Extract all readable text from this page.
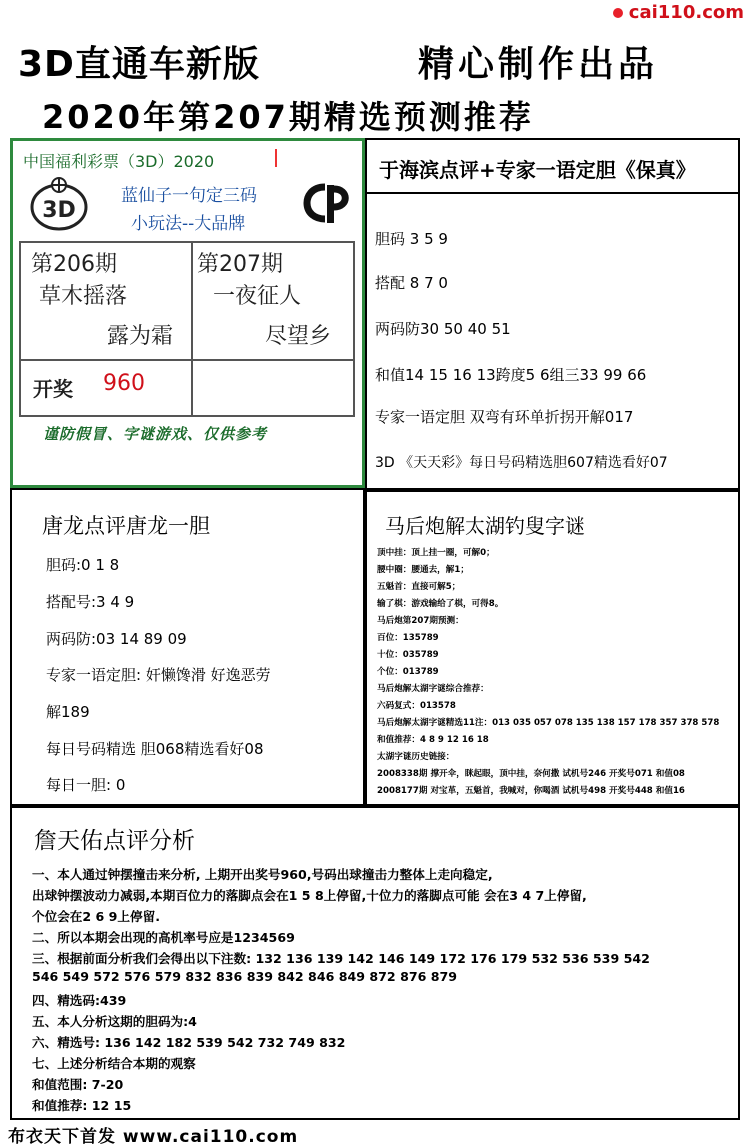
cai110.com
3D直通车新版	精心制作出品
2020年第207期精选预测推荐
中国福利彩票（3D）2020
3D
蓝仙子一句定三码
小玩法--大品牌
第206期
草木摇落
露为霜
第207期
一夜征人
尽望乡
开奖 960
谨防假冒、字谜游戏、仅供参考
于海滨点评+专家一语定胆《保真》
胆码 3 5 9
搭配 8 7 0
两码防30 50 40 51
和值14 15 16 13跨度5 6组三33 99 66
专家一语定胆 双弯有环单折拐开解017
3D 《天天彩》每日号码精选胆607精选看好07
唐龙点评唐龙一胆
胆码:0 1 8
搭配号:3 4 9
两码防:03 14 89 09
专家一语定胆: 奸懒馋滑 好逸恶劳
解189
每日号码精选 胆068精选看好08
每日一胆: 0
马后炮解太湖钓叟字谜
顶中挂：顶上挂一圈，可解0；
腰中圈：腰通去，解1；
五魁首：直接可解5；
输了棋：游戏输给了棋，可得8。
马后炮第207期预测：
百位：135789
十位：035789
个位：013789
马后炮解太湖字谜综合推荐：
六码复式：013578
马后炮解太湖字谜精选11注：013 035 057 078 135 138 157 178 357 378 578
和值推荐：4 8 9 12 16 18
太湖字谜历史链接：
2008338期 撑开伞，眯起眼，顶中挂，奈何撒 试机号246 开奖号071 和值08
2008177期 对宝革，五魁首，我喊对，你喝酒 试机号498 开奖号448 和值16
詹天佑点评分析
一、本人通过钟摆撞击来分析, 上期开出奖号960,号码出球撞击力整体上走向稳定,
出球钟摆波动力减弱,本期百位力的落脚点会在1 5 8上停留,十位力的落脚点可能 会在3 4 7上停留,
个位会在2 6 9上停留.
二、所以本期会出现的高机率号应是1234569
三、根据前面分析我们会得出以下注数: 132 136 139 142 146 149 172 176 179 532 536 539 542
546 549 572 576 579 832 836 839 842 846 849 872 876 879
四、精选码:439
五、本人分析这期的胆码为:4
六、精选号: 136 142 182 539 542 732 749 832
七、上述分析结合本期的观察
和值范围: 7-20
和值推荐: 12 15
布衣天下首发 www.cai110.com
